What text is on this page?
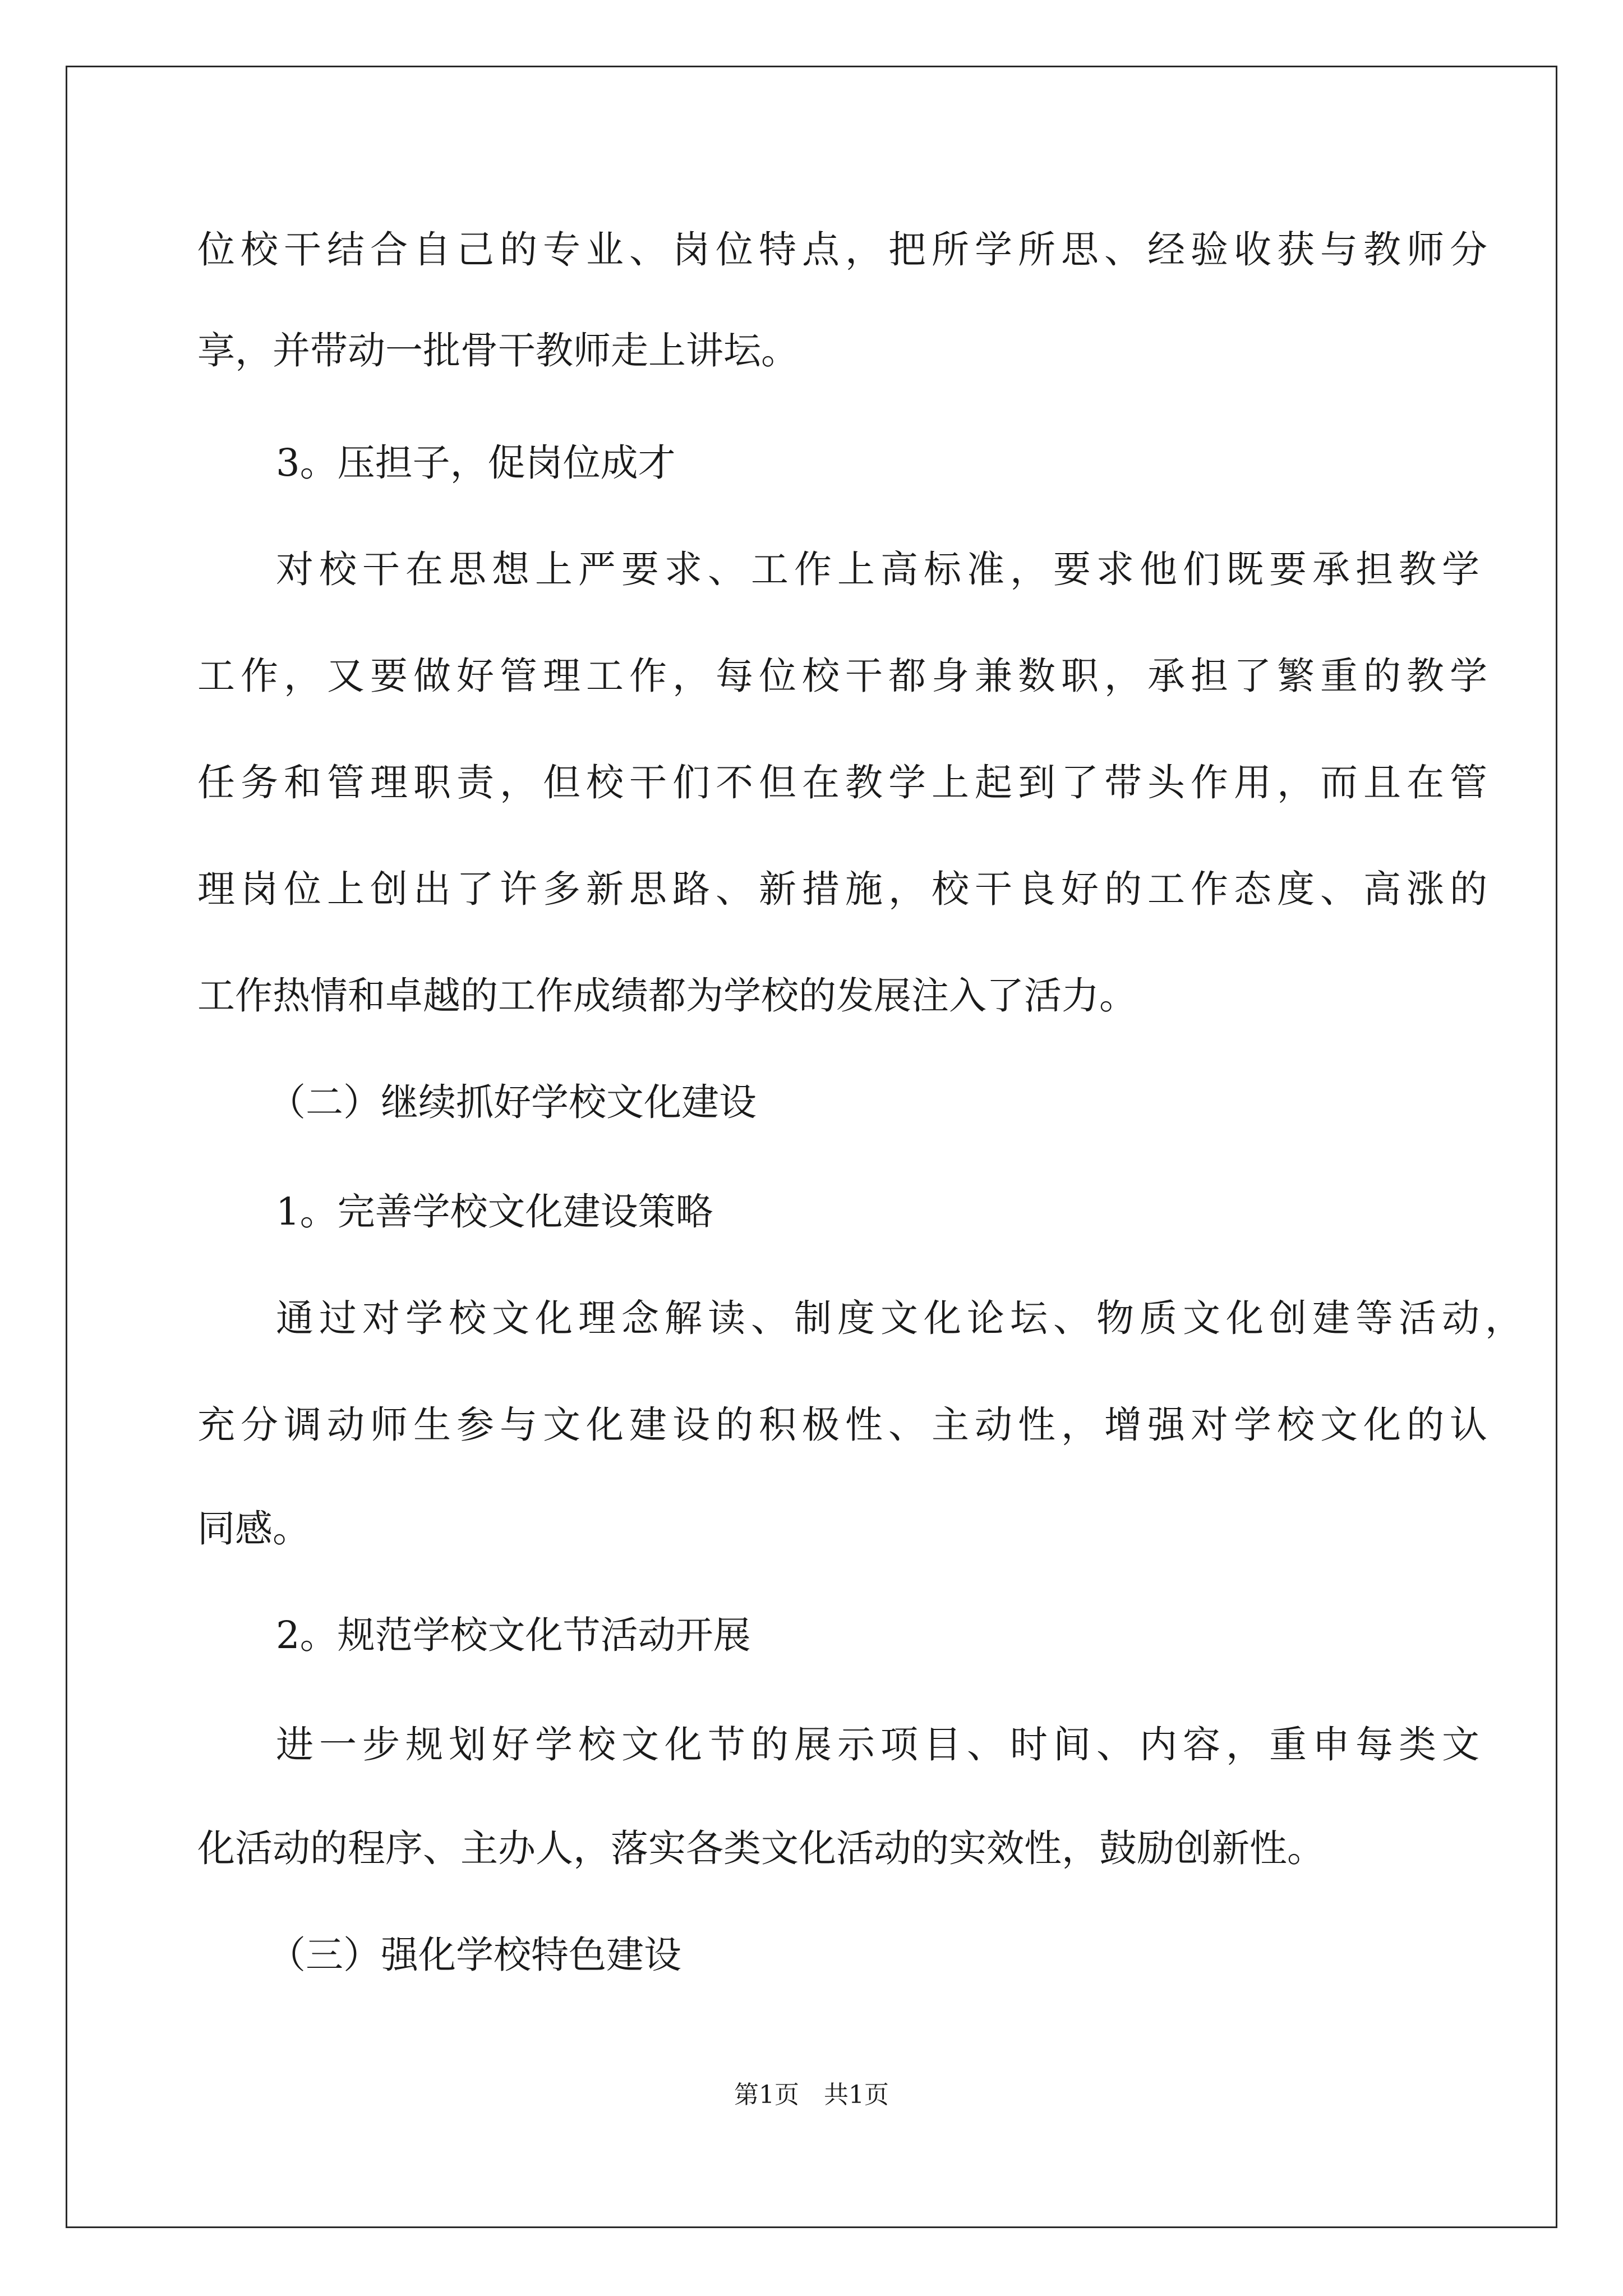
位校干结合自己的专业、岗位特点，把所学所思、经验收获与教师分

享，并带动一批骨干教师走上讲坛。

3。压担子，促岗位成才

对校干在思想上严要求、工作上高标准，要求他们既要承担教学

工作，又要做好管理工作，每位校干都身兼数职，承担了繁重的教学

任务和管理职责，但校干们不但在教学上起到了带头作用，而且在管

理岗位上创出了许多新思路、新措施，校干良好的工作态度、高涨的

工作热情和卓越的工作成绩都为学校的发展注入了活力。

（二）继续抓好学校文化建设

1。完善学校文化建设策略

通过对学校文化理念解读、制度文化论坛、物质文化创建等活动，

充分调动师生参与文化建设的积极性、主动性，增强对学校文化的认

同感。

2。规范学校文化节活动开展

进一步规划好学校文化节的展示项目、时间、内容，重申每类文

化活动的程序、主办人，落实各类文化活动的实效性，鼓励创新性。

（三）强化学校特色建设

第1页　共1页
